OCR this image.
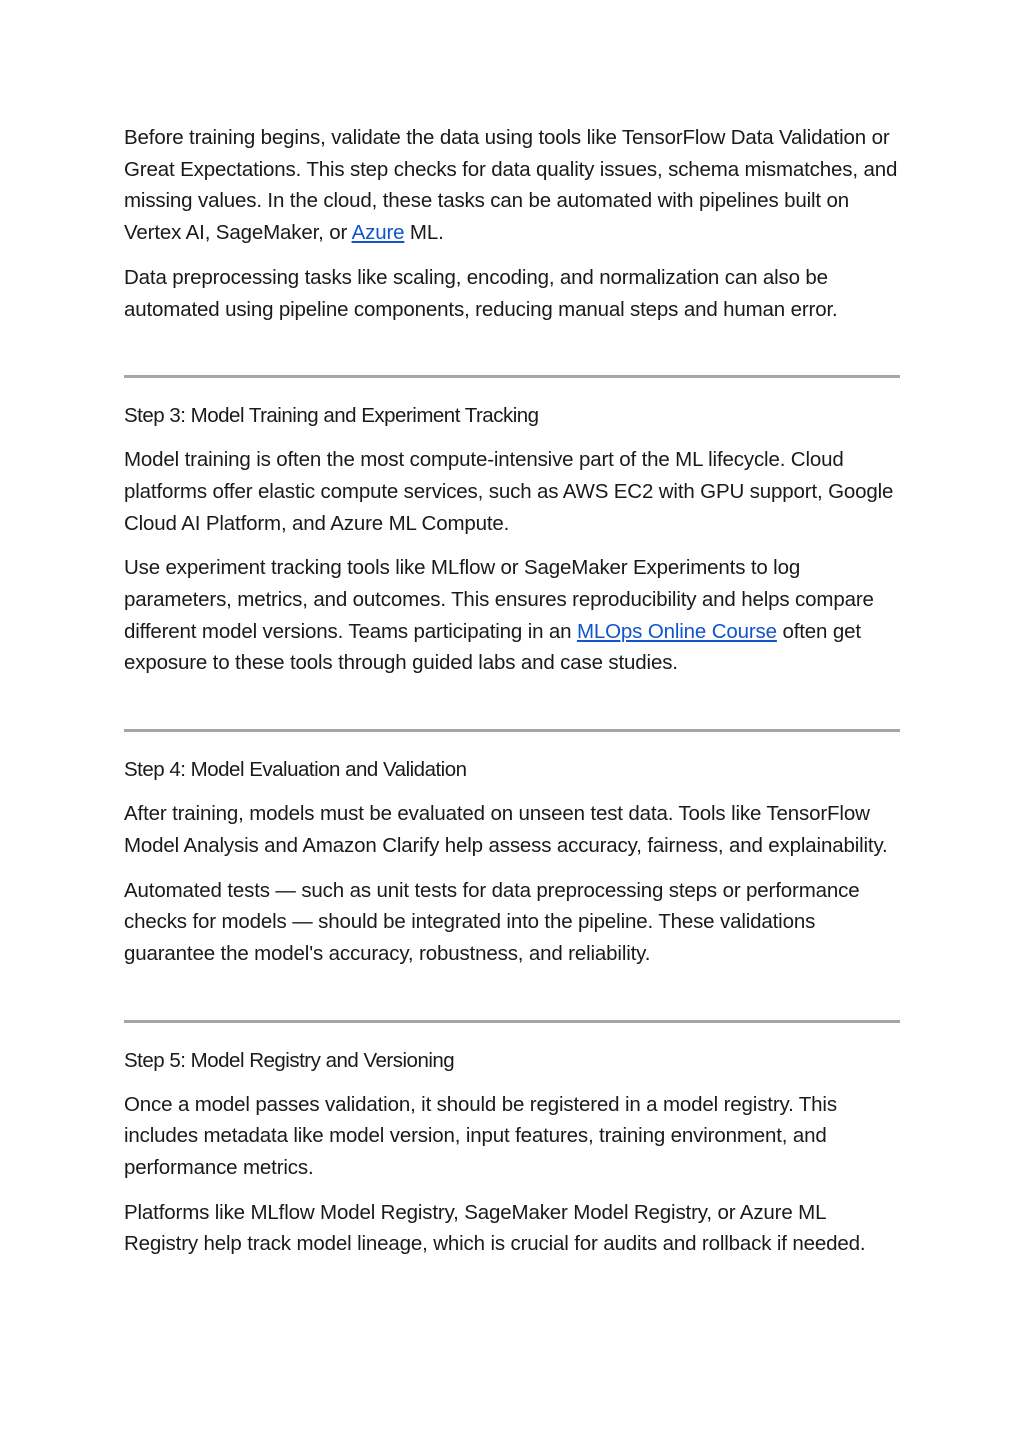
Before training begins, validate the data using tools like TensorFlow Data Validation or Great Expectations. This step checks for data quality issues, schema mismatches, and missing values. In the cloud, these tasks can be automated with pipelines built on Vertex AI, SageMaker, or Azure ML.

Data preprocessing tasks like scaling, encoding, and normalization can also be automated using pipeline components, reducing manual steps and human error.

Step 3: Model Training and Experiment Tracking

Model training is often the most compute-intensive part of the ML lifecycle. Cloud platforms offer elastic compute services, such as AWS EC2 with GPU support, Google Cloud AI Platform, and Azure ML Compute.

Use experiment tracking tools like MLflow or SageMaker Experiments to log parameters, metrics, and outcomes. This ensures reproducibility and helps compare different model versions. Teams participating in an MLOps Online Course often get exposure to these tools through guided labs and case studies.

Step 4: Model Evaluation and Validation

After training, models must be evaluated on unseen test data. Tools like TensorFlow Model Analysis and Amazon Clarify help assess accuracy, fairness, and explainability.

Automated tests — such as unit tests for data preprocessing steps or performance checks for models — should be integrated into the pipeline. These validations guarantee the model's accuracy, robustness, and reliability.

Step 5: Model Registry and Versioning

Once a model passes validation, it should be registered in a model registry. This includes metadata like model version, input features, training environment, and performance metrics.

Platforms like MLflow Model Registry, SageMaker Model Registry, or Azure ML Registry help track model lineage, which is crucial for audits and rollback if needed.
